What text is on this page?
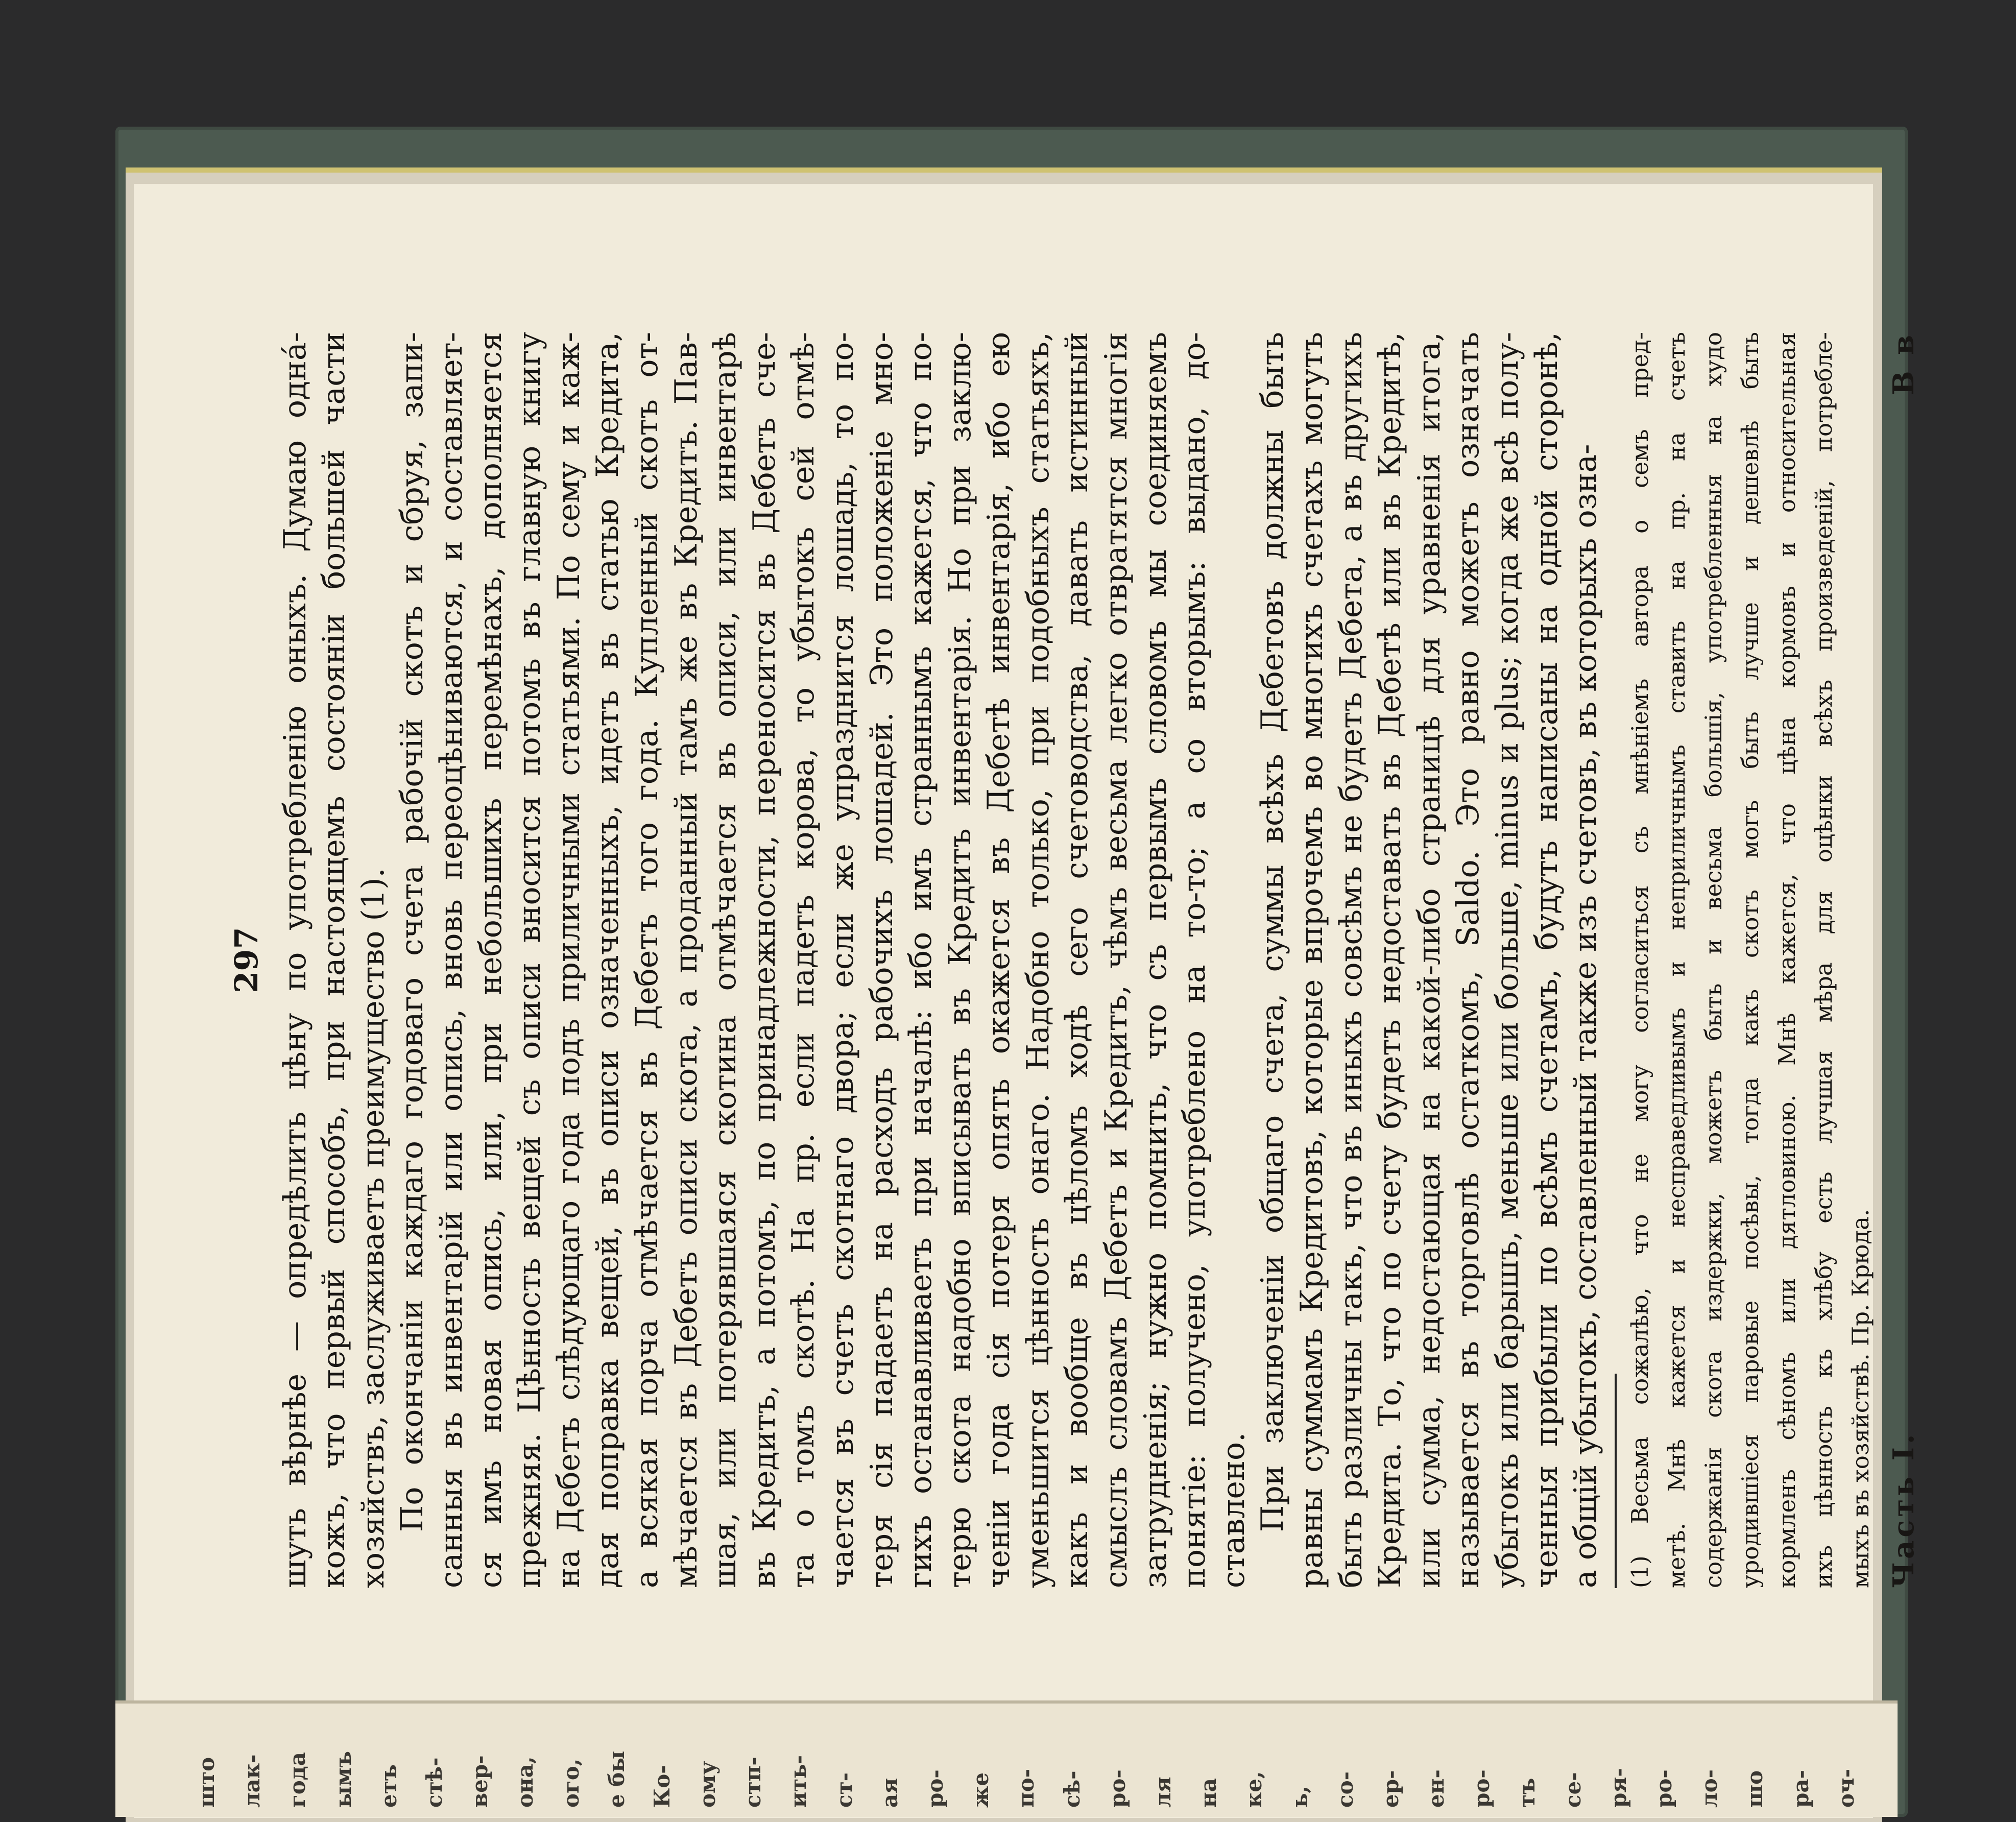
што лак- года ымъ етъ стѣ- вер- она, ого, е бы Ко- ому стп- ить- ст- ая ро- же по- сѣ- ро- ля на ке, ь, со- ер- ен- ро- тъ се- ря- ро- ло- шо ра- оч-
297 шуть вѣрнѣе — опредѣлить цѣну по употребленію оныхъ. Думаю однá- кожъ, что первый способъ, при настоящемъ состояніи большей части хозяйствъ, заслуживаетъ преимущество (1). По окончаніи каждаго годоваго счета рабочій скотъ и сбруя, запи- санныя въ инвентарій или опись, вновь переоцѣниваются, и составляет- ся имъ новая опись, или, при небольшихъ перемѣнахъ, дополняется прежняя. Цѣнность вещей съ описи вносится потомъ въ главную книгу на Дебетъ слѣдующаго года подъ приличными статьями. По сему и каж- дая поправка вещей, въ описи означенныхъ, идетъ въ статью Кредита, а всякая порча отмѣчается въ Дебетъ того года. Купленный скотъ от- мѣчается въ Дебетъ описи скота, а проданный тамъ же въ Кредитъ. Пав- шая, или потерявшаяся скотина отмѣчается въ описи, или инвентарѣ въ Кредитъ, а потомъ, по принадлежности, переносится въ Дебетъ сче- та о томъ скотѣ. На пр. если падетъ корова, то убытокъ сей отмѣ- чается въ счетъ скотнаго двора; если же упразднится лошадь, то по- теря сія падаетъ на расходъ рабочихъ лошадей. Это положеніе мно- гихъ останавливаетъ при началѣ: ибо имъ страннымъ кажется, что по- терю скота надобно вписывать въ Кредитъ инвентарія. Но при заклю- ченіи года сія потеря опять окажется въ Дебетѣ инвентарія, ибо ею уменьшится цѣнность онаго. Надобно только, при подобныхъ статьяхъ, какъ и вообще въ цѣломъ ходѣ сего счетоводства, давать истинный смыслъ словамъ Дебетъ и Кредитъ, чѣмъ весьма легко отвратятся многія затрудненія; нужно помнить, что съ первымъ словомъ мы соединяемъ понятіе: получено, употреблено на то-то; а со вторымъ: выдано, до- ставлено. При заключеніи общаго счета, суммы всѣхъ Дебетовъ должны быть равны суммамъ Кредитовъ, которые впрочемъ во многихъ счетахъ могутъ быть различны такъ, что въ иныхъ совсѣмъ не будетъ Дебета, а въ другихъ Кредита. То, что по счету будетъ недоставать въ Дебетѣ или въ Кредитѣ, или сумма, недостающая на какой-либо страницѣ для уравненія итога, называется въ торговлѣ остаткомъ, Saldo. Это равно можетъ означать убытокъ или барышъ, меньше или больше, minus и plus; когда же всѣ полу- ченныя прибыли по всѣмъ счетамъ, будутъ написаны на одной сторонѣ, а общій убытокъ, составленный также изъ счетовъ, въ которыхъ озна- (1) Весьма сожалѣю, что не могу согласиться съ мнѣніемъ автора о семъ пред- метѣ. Мнѣ кажется и несправедливымъ и неприличнымъ ставить на пр. на счетъ содержанія скота издержки, можетъ быть и весьма большія, употребленныя на худо уродившіеся паровые посѣвы, тогда какъ скотъ могъ быть лучше и дешевлѣ быть кормленъ сѣномъ или дятловиною. Мнѣ кажется, что цѣна кормовъ и относительная ихъ цѣнность къ хлѣбу есть лучшая мѣра для оцѣнки всѣхъ произведеній, потребле- мыхъ въ хозяйствѣ. Пр. Крюда. Часть I.
В в
